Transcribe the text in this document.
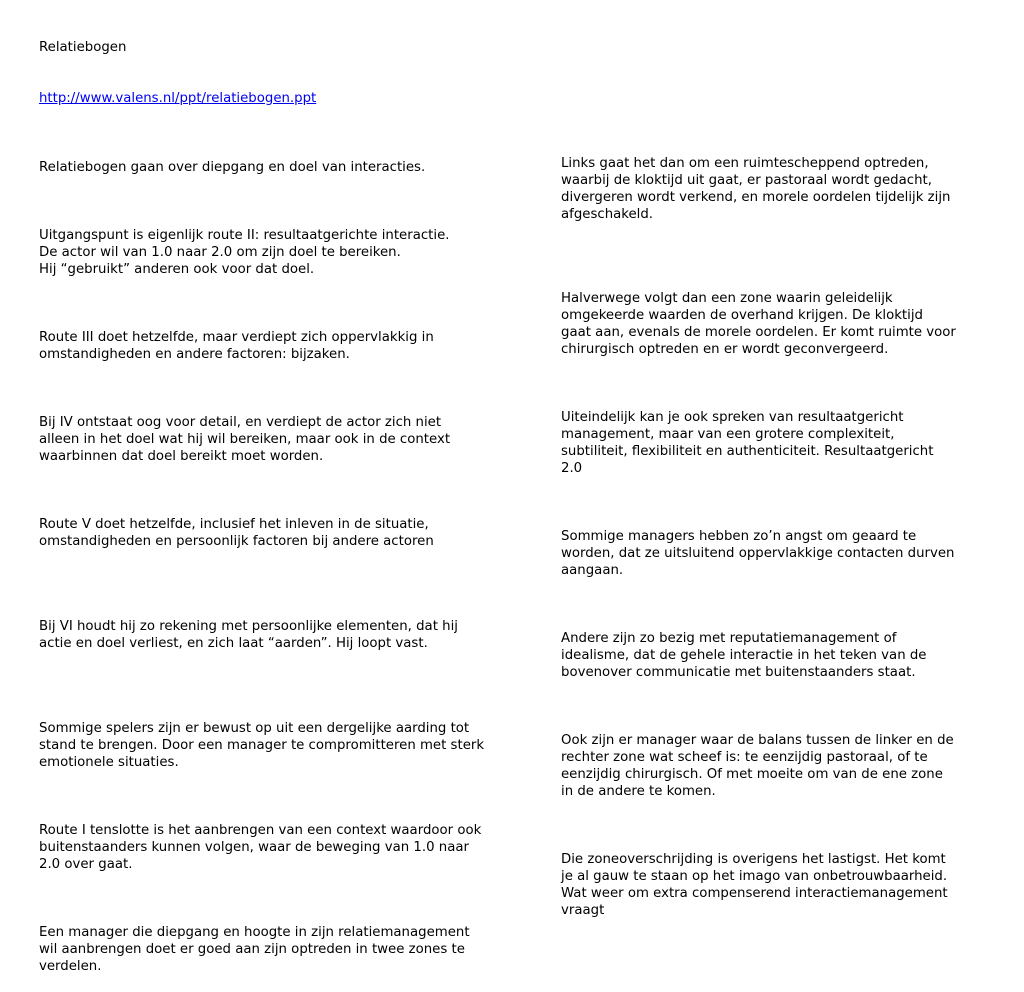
Relatiebogen
http://www.valens.nl/ppt/relatiebogen.ppt

Relatiebogen gaan over diepgang en doel van interacties.

Uitgangspunt is eigenlijk route II: resultaatgerichte interactie.
De actor wil van 1.0 naar 2.0 om zijn doel te bereiken.
Hij “gebruikt” anderen ook voor dat doel.

Route III doet hetzelfde, maar verdiept zich oppervlakkig in
omstandigheden en andere factoren: bijzaken.

Bij IV ontstaat oog voor detail, en verdiept de actor zich niet
alleen in het doel wat hij wil bereiken, maar ook in de context
waarbinnen dat doel bereikt moet worden.

Route V doet hetzelfde, inclusief het inleven in de situatie,
omstandigheden en persoonlijk factoren bij andere actoren

Bij VI houdt hij zo rekening met persoonlijke elementen, dat hij
actie en doel verliest, en zich laat “aarden”. Hij loopt vast.

Sommige spelers zijn er bewust op uit een dergelijke aarding tot
stand te brengen. Door een manager te compromitteren met sterk
emotionele situaties.

Route I tenslotte is het aanbrengen van een context waardoor ook
buitenstaanders kunnen volgen, waar de beweging van 1.0 naar
2.0 over gaat.

Een manager die diepgang en hoogte in zijn relatiemanagement
wil aanbrengen doet er goed aan zijn optreden in twee zones te
verdelen.

Links gaat het dan om een ruimtescheppend optreden,
waarbij de kloktijd uit gaat, er pastoraal wordt gedacht,
divergeren wordt verkend, en morele oordelen tijdelijk zijn
afgeschakeld.

Halverwege volgt dan een zone waarin geleidelijk
omgekeerde waarden de overhand krijgen. De kloktijd
gaat aan, evenals de morele oordelen. Er komt ruimte voor
chirurgisch optreden en er wordt geconvergeerd.

Uiteindelijk kan je ook spreken van resultaatgericht
management, maar van een grotere complexiteit,
subtiliteit, flexibiliteit en authenticiteit. Resultaatgericht
2.0

Sommige managers hebben zo’n angst om geaard te
worden, dat ze uitsluitend oppervlakkige contacten durven
aangaan.

Andere zijn zo bezig met reputatiemanagement of
idealisme, dat de gehele interactie in het teken van de
bovenover communicatie met buitenstaanders staat.

Ook zijn er manager waar de balans tussen de linker en de
rechter zone wat scheef is: te eenzijdig pastoraal, of te
eenzijdig chirurgisch. Of met moeite om van de ene zone
in de andere te komen.

Die zoneoverschrijding is overigens het lastigst. Het komt
je al gauw te staan op het imago van onbetrouwbaarheid.
Wat weer om extra compenserend interactiemanagement
vraagt
